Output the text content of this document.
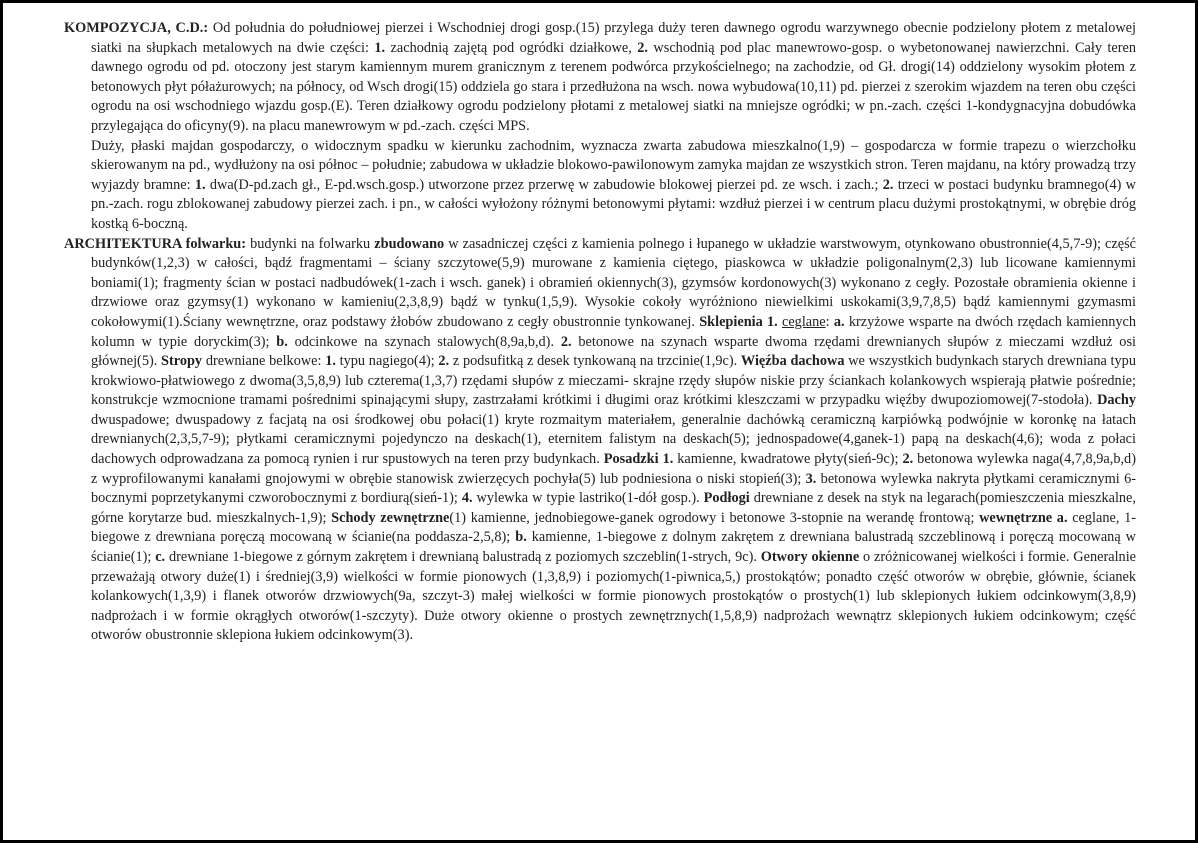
KOMPOZYCJA, C.D.: Od południa do południowej pierzei i Wschodniej drogi gosp.(15) przylega duży teren dawnego ogrodu warzywnego obecnie podzielony płotem z metalowej siatki na słupkach metalowych na dwie części: 1. zachodnią zajętą pod ogródki działkowe, 2. wschodnią pod plac manewrowo-gosp. o wybetonowanej nawierzchni. Cały teren dawnego ogrodu od pd. otoczony jest starym kamiennym murem granicznym z terenem podwórca przykościelnego; na zachodzie, od Gł. drogi(14) oddzielony wysokim płotem z betonowych płyt półażurowych; na północy, od Wsch drogi(15) oddziela go stara i przedłużona na wsch. nowa wybudowa(10,11) pd. pierzei z szerokim wjazdem na teren obu części ogrodu na osi wschodniego wjazdu gosp.(E). Teren działkowy ogrodu podzielony płotami z metalowej siatki na mniejsze ogródki; w pn.-zach. części 1-kondygnacyjna dobudówka przylegająca do oficyny(9). na placu manewrowym w pd.-zach. części MPS.

Duży, płaski majdan gospodarczy, o widocznym spadku w kierunku zachodnim, wyznacza zwarta zabudowa mieszkalno(1,9) – gospodarcza w formie trapezu o wierzchołku skierowanym na pd., wydłużony na osi północ – południe; zabudowa w układzie blokowo-pawilonowym zamyka majdan ze wszystkich stron. Teren majdanu, na który prowadzą trzy wyjazdy bramne: 1. dwa(D-pd.zach gł., E-pd.wsch.gosp.) utworzone przez przerwę w zabudowie blokowej pierzei pd. ze wsch. i zach.; 2. trzeci w postaci budynku bramnego(4) w pn.-zach. rogu zblokowanej zabudowy pierzei zach. i pn., w całości wyłożony różnymi betonowymi płytami: wzdłuż pierzei i w centrum placu dużymi prostokątnymi, w obrębie dróg kostką 6-boczną.

ARCHITEKTURA folwarku: budynki na folwarku zbudowano w zasadniczej części z kamienia polnego i łupanego w układzie warstwowym, otynkowano obustronnie(4,5,7-9); część budynków(1,2,3) w całości, bądź fragmentami – ściany szczytowe(5,9) murowane z kamienia ciętego, piaskowca w układzie poligonalnym(2,3) lub licowane kamiennymi boniami(1); fragmenty ścian w postaci nadbudówek(1-zach i wsch. ganek) i obramień okiennych(3), gzymsów kordonowych(3) wykonano z cegły. Pozostałe obramienia okienne i drzwiowe oraz gzymsy(1) wykonano w kamieniu(2,3,8,9) bądź w tynku(1,5,9). Wysokie cokoły wyróżniono niewielkimi uskokami(3,9,7,8,5) bądź kamiennymi gzymasmi cokołowymi(1).Ściany wewnętrzne, oraz podstawy żłobów zbudowano z cegły obustronnie tynkowanej. Sklepienia 1. ceglane: a. krzyżowe wsparte na dwóch rzędach kamiennych kolumn w typie doryckim(3); b. odcinkowe na szynach stalowych(8,9a,b,d). 2. betonowe na szynach wsparte dwoma rzędami drewnianych słupów z mieczami wzdłuż osi głównej(5). Stropy drewniane belkowe: 1. typu nagiego(4); 2. z podsufitką z desek tynkowaną na trzcinie(1,9c). Więźba dachowa we wszystkich budynkach starych drewniana typu krokwiowo-płatwiowego z dwoma(3,5,8,9) lub czterema(1,3,7) rzędami słupów z mieczami- skrajne rzędy słupów niskie przy ściankach kolankowych wspierają płatwie pośrednie; konstrukcje wzmocnione tramami pośrednimi spinającymi słupy, zastrzałami krótkimi i długimi oraz krótkimi kleszczami w przypadku więźby dwupoziomowej(7-stodoła). Dachy dwuspadowe; dwuspadowy z facjatą na osi środkowej obu połaci(1) kryte rozmaitym materiałem, generalnie dachówką ceramiczną karpiówką podwójnie w koronkę na łatach drewnianych(2,3,5,7-9); płytkami ceramicznymi pojedynczo na deskach(1), eternitem falistym na deskach(5); jednospadowe(4,ganek-1) papą na deskach(4,6); woda z połaci dachowych odprowadzana za pomocą rynien i rur spustowych na teren przy budynkach. Posadzki 1. kamienne, kwadratowe płyty(sień-9c); 2. betonowa wylewka naga(4,7,8,9a,b,d) z wyprofilowanymi kanałami gnojowymi w obrębie stanowisk zwierzęcych pochyła(5) lub podniesiona o niski stopień(3); 3. betonowa wylewka nakryta płytkami ceramicznymi 6-bocznymi poprzetykanymi czworobocznymi z bordiurą(sień-1); 4. wylewka w typie lastriko(1-dół gosp.). Podłogi drewniane z desek na styk na legarach(pomieszczenia mieszkalne, górne korytarze bud. mieszkalnych-1,9); Schody zewnętrzne(1) kamienne, jednobiegowe-ganek ogrodowy i betonowe 3-stopnie na werandę frontową; wewnętrzne a. ceglane, 1-biegowe z drewniana poręczą mocowaną w ścianie(na poddasza-2,5,8); b. kamienne, 1-biegowe z dolnym zakrętem z drewniana balustradą szczeblinową i poręczą mocowaną w ścianie(1); c. drewniane 1-biegowe z górnym zakrętem i drewnianą balustradą z poziomych szczeblin(1-strych, 9c). Otwory okienne o zróżnicowanej wielkości i formie. Generalnie przeważają otwory duże(1) i średniej(3,9) wielkości w formie pionowych (1,3,8,9) i poziomych(1-piwnica,5,) prostokątów; ponadto część otworów w obrębie, głównie, ścianek kolankowych(1,3,9) i flanek otworów drzwiowych(9a, szczyt-3) małej wielkości w formie pionowych prostokątów o prostych(1) lub sklepionych łukiem odcinkowym(3,8,9) nadprożach i w formie okrągłych otworów(1-szczyty). Duże otwory okienne o prostych zewnętrznych(1,5,8,9) nadprożach wewnątrz sklepionych łukiem odcinkowym; część otworów obustronnie sklepiona łukiem odcinkowym(3).
